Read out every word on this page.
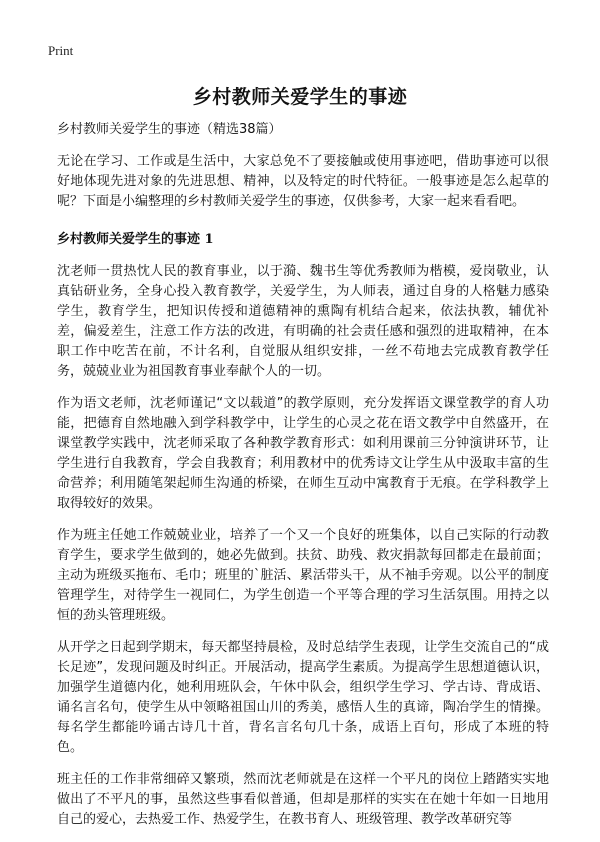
Print
乡村教师关爱学生的事迹

乡村教师关爱学生的事迹（精选38篇）

无论在学习、工作或是生活中，大家总免不了要接触或使用事迹吧，借助事迹可以很好地体现先进对象的先进思想、精神，以及特定的时代特征。一般事迹是怎么起草的呢？下面是小编整理的乡村教师关爱学生的事迹，仅供参考，大家一起来看看吧。

乡村教师关爱学生的事迹 1

沈老师一贯热忱人民的教育事业，以于漪、魏书生等优秀教师为楷模，爱岗敬业，认真钻研业务，全身心投入教育教学，关爱学生，为人师表，通过自身的人格魅力感染学生，教育学生，把知识传授和道德精神的熏陶有机结合起来，依法执教，辅优补差，偏爱差生，注意工作方法的改进，有明确的社会责任感和强烈的进取精神，在本职工作中吃苦在前，不计名利，自觉服从组织安排，一丝不苟地去完成教育教学任务，兢兢业业为祖国教育事业奉献个人的一切。

作为语文老师，沈老师谨记“文以载道”的教学原则，充分发挥语文课堂教学的育人功能，把德育自然地融入到学科教学中，让学生的心灵之花在语文教学中自然盛开，在课堂教学实践中，沈老师采取了各种教学教育形式：如利用课前三分钟演讲环节，让学生进行自我教育，学会自我教育；利用教材中的优秀诗文让学生从中汲取丰富的生命营养；利用随笔架起师生沟通的桥梁，在师生互动中寓教育于无痕。在学科教学上取得较好的效果。

作为班主任她工作兢兢业业，培养了一个又一个良好的班集体，以自己实际的行动教育学生，要求学生做到的，她必先做到。扶贫、助残、救灾捐款每回都走在最前面；主动为班级买拖布、毛巾；班里的`脏活、累活带头干，从不袖手旁观。以公平的制度管理学生，对待学生一视同仁，为学生创造一个平等合理的学习生活氛围。用持之以恒的劲头管理班级。

从开学之日起到学期末，每天都坚持晨检，及时总结学生表现，让学生交流自己的“成长足迹”，发现问题及时纠正。开展活动，提高学生素质。为提高学生思想道德认识，加强学生道德内化，她利用班队会，午休中队会，组织学生学习、学古诗、背成语、诵名言名句，使学生从中领略祖国山川的秀美，感悟人生的真谛，陶冶学生的情操。每名学生都能吟诵古诗几十首，背名言名句几十条，成语上百句，形成了本班的特色。

班主任的工作非常细碎又繁琐，然而沈老师就是在这样一个平凡的岗位上踏踏实实地做出了不平凡的事，虽然这些事看似普通，但却是那样的实实在在她十年如一日地用自己的爱心，去热爱工作、热爱学生，在教书育人、班级管理、教学改革研究等
